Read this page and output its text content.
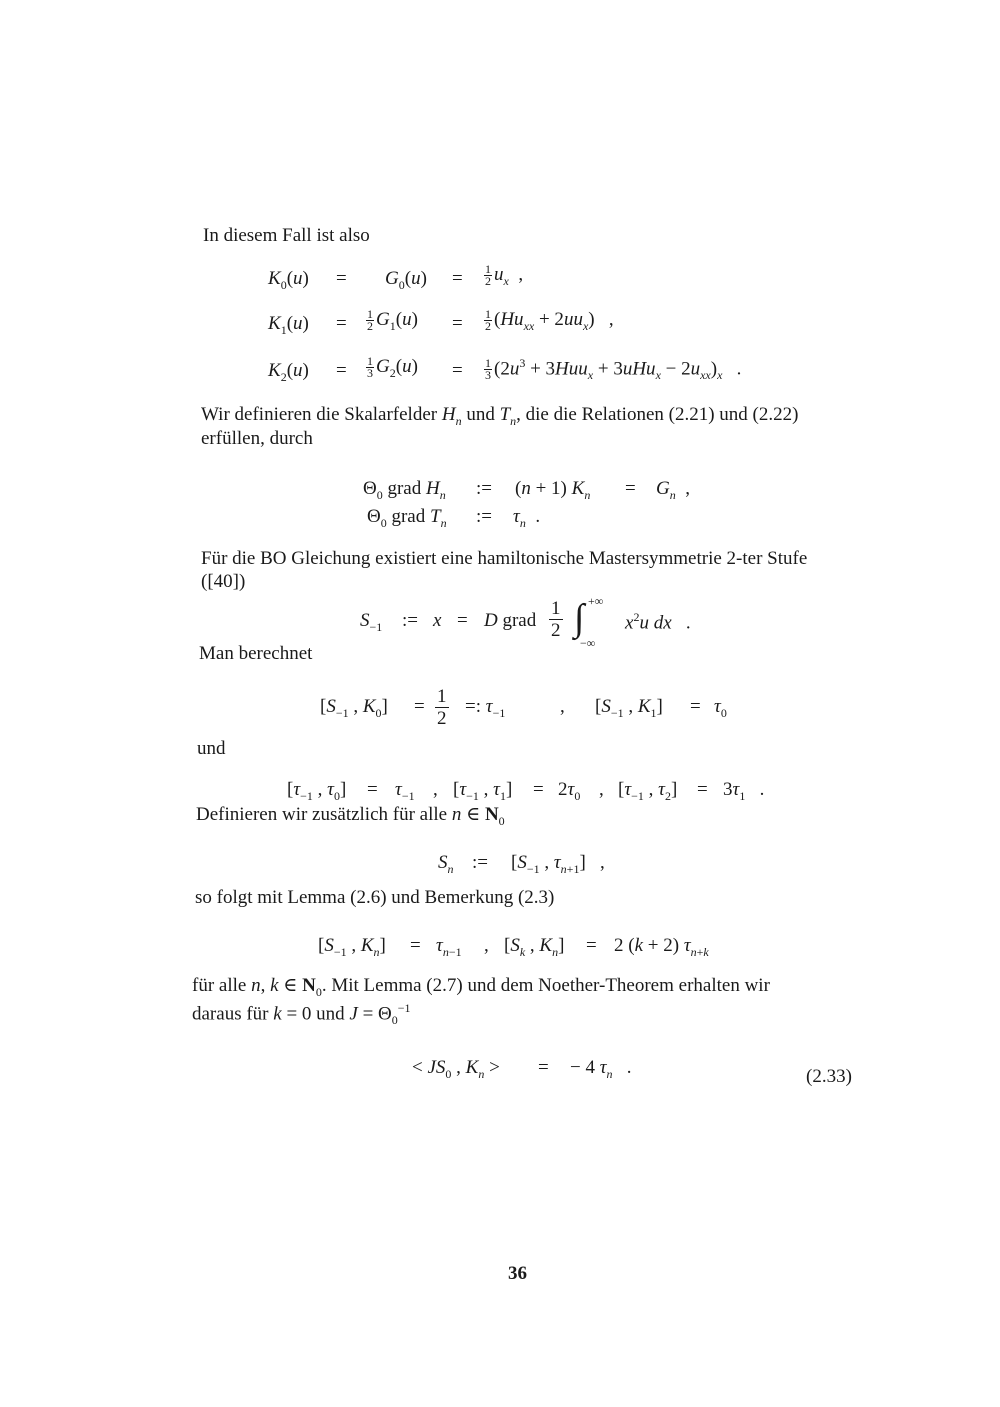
In diesem Fall ist also
$K_0(u) = G_0(u) = \frac{1}{2} u_x$  ,
$K_1(u) = \frac{1}{2} G_1(u) = \frac{1}{2} (Hu_{xx} + 2uu_x)$   ,
$K_2(u) = \frac{1}{3} G_2(u) = \frac{1}{3} (2u^3 + 3Huu_x + 3uHu_x - 2u_{xx})_x$   .
Wir definieren die Skalarfelder $H_n$ und $T_n$, die die Relationen (2.21) und (2.22)
erfüllen, durch
$\Theta_0$ grad $H_n$ := (n + 1) $K_n = G_n$  ,
$\Theta_0$ grad $T_n$ := $\tau_n$  .
Für die BO Gleichung existiert eine hamiltonische Mastersymmetrie 2-ter Stufe
([40])
$S_{-1}$ := x = D grad $\frac{1}{2}$ ∫ +∞
−∞
$x^2u$ dx   .
Man berechnet
[$S_{-1}$ , $K_0] = \frac{1}{2}$ =: $\tau_{-1}$	, [$S_{-1}$ , $K_1] = \tau_0$
und
[$\tau_{-1}$ , $\tau_0] = \tau_{-1}$ , [$\tau_{-1}$ , $\tau_1] = 2\tau_0$ , [$\tau_{-1}$ , $\tau_2] = 3\tau_1$   .
Definieren wir zusätzlich für alle n ∈ $N_0$
$S_n$ := [$S_{-1}$ , $\tau_{n+1}$]   ,
so folgt mit Lemma (2.6) und Bemerkung (2.3)
[$S_{-1}$ , $K_n] = \tau_{n-1}$ , [$S_k$ , $K_n] = 2$ (k + 2) $\tau_{n+k}$
für alle n, k ∈ $N_0$. Mit Lemma (2.7) und dem Noether-Theorem erhalten wir
daraus für k = 0 und $J = \Theta_0^{-1}$
< $JS_0$ , $K_n$ > = − 4 $\tau_n$   .	(2.33)
36
